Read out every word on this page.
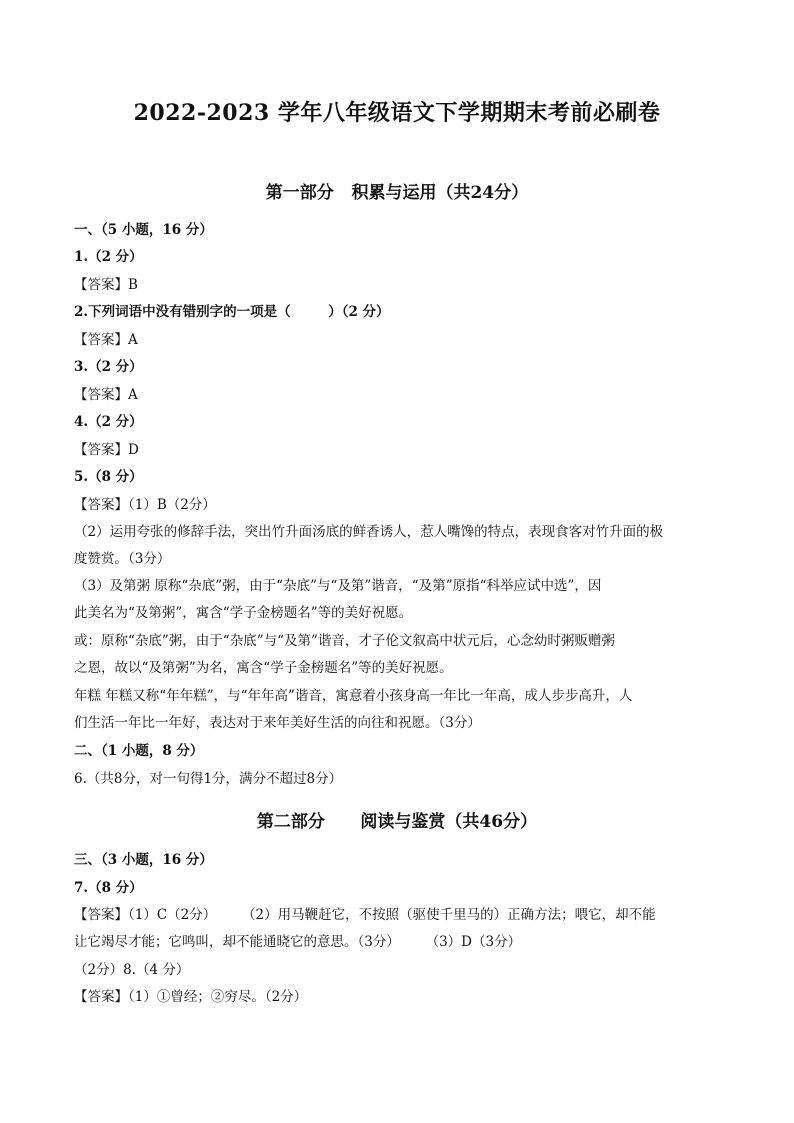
2022-2023 学年八年级语文下学期期末考前必刷卷
第一部分   积累与运用（共24分）
一、（5 小题，16 分）
1.（2 分）
【答案】B
2.下列词语中没有错别字的一项是（        ）（2 分）
【答案】A
3.（2 分）
【答案】A
4.（2 分）
【答案】D
5.（8 分）
【答案】（1）B（2分）
（2）运用夸张的修辞手法，突出竹升面汤底的鲜香诱人，惹人嘴馋的特点，表现食客对竹升面的极
度赞赏。（3分）
（3）及第粥 原称“杂底”粥，由于“杂底”与“及第”谐音，“及第”原指“科举应试中选”，因
此美名为“及第粥”，寓含“学子金榜题名”等的美好祝愿。
或：原称“杂底”粥，由于“杂底”与“及第”谐音，才子伦文叙高中状元后，心念幼时粥贩赠粥
之恩，故以“及第粥”为名，寓含“学子金榜题名”等的美好祝愿。
年糕 年糕又称“年年糕”，与“年年高”谐音，寓意着小孩身高一年比一年高，成人步步高升，人
们生活一年比一年好，表达对于来年美好生活的向往和祝愿。（3分）
二、（1 小题，8 分）
6.（共8分，对一句得1分，满分不超过8分）
第二部分      阅读与鉴赏（共46分）
三、（3 小题，16 分）
7.（8 分）
【答案】（1）C（2分）      （2）用马鞭赶它，不按照（驱使千里马的）正确方法；喂它，却不能
让它竭尽才能；它鸣叫，却不能通晓它的意思。（3分）      （3）D（3分）
（2分）8.（4 分）
【答案】（1）①曾经；②穷尽。（2分）
